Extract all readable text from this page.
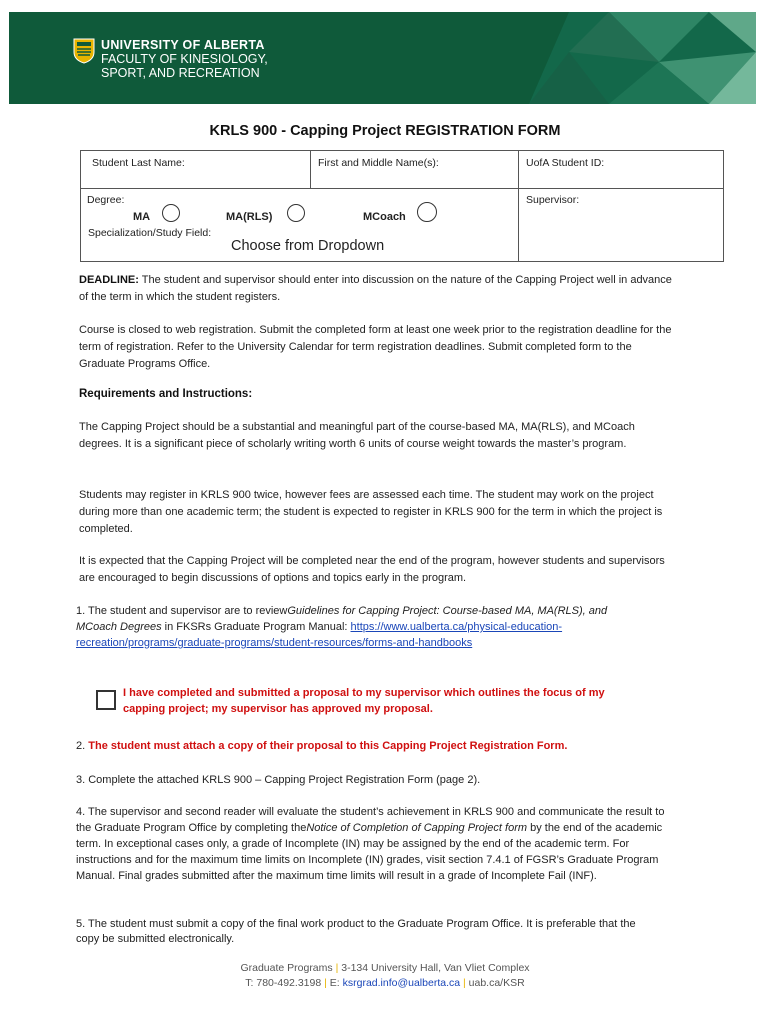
UNIVERSITY OF ALBERTA
FACULTY OF KINESIOLOGY,
SPORT, AND RECREATION
KRLS 900 - Capping Project REGISTRATION FORM
Student Last Name:	First and Middle Name(s):	UofA Student ID:
Degree:	Supervisor:
MA	MA(RLS)	MCoach
Specialization/Study Field:
Choose from Dropdown
DEADLINE: The student and supervisor should enter into discussion on the nature of the Capping Project well in advance of the term in which the student registers.
Course is closed to web registration. Submit the completed form at least one week prior to the registration deadline for the term of registration. Refer to the University Calendar for term registration deadlines. Submit completed form to the Graduate Programs Office.
Requirements and Instructions:
The Capping Project should be a substantial and meaningful part of the course-based MA, MA(RLS), and MCoach degrees. It is a significant piece of scholarly writing worth 6 units of course weight towards the master’s program.
Students may register in KRLS 900 twice, however fees are assessed each time. The student may work on the project during more than one academic term; the student is expected to register in KRLS 900 for the term in which the project is completed.
It is expected that the Capping Project will be completed near the end of the program, however students and supervisors are encouraged to begin discussions of options and topics early in the program.
1. The student and supervisor are to reviewGuidelines for Capping Project: Course-based MA, MA(RLS), and MCoach Degrees in FKSRs Graduate Program Manual: https://www.ualberta.ca/physical-education-recreation/programs/graduate-programs/student-resources/forms-and-handbooks
I have completed and submitted a proposal to my supervisor which outlines the focus of my capping project; my supervisor has approved my proposal.
2. The student must attach a copy of their proposal to this Capping Project Registration Form.
3. Complete the attached KRLS 900 – Capping Project Registration Form (page 2).
4. The supervisor and second reader will evaluate the student’s achievement in KRLS 900 and communicate the result to the Graduate Program Office by completing theNotice of Completion of Capping Project form by the end of the academic term. In exceptional cases only, a grade of Incomplete (IN) may be assigned by the end of the academic term. For instructions and for the maximum time limits on Incomplete (IN) grades, visit section 7.4.1 of FGSR’s Graduate Program Manual. Final grades submitted after the maximum time limits will result in a grade of Incomplete Fail (INF).
5. The student must submit a copy of the final work product to the Graduate Program Office. It is preferable that the copy be submitted electronically.
Graduate Programs | 3-134 University Hall, Van Vliet Complex
T: 780-492.3198 | E: ksrgrad.info@ualberta.ca | uab.ca/KSR
